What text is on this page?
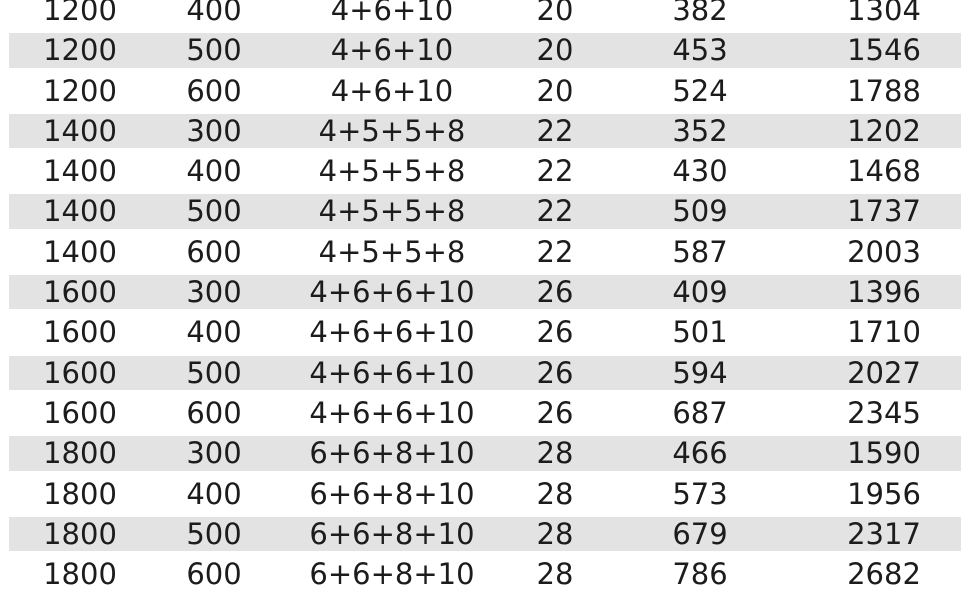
1200 400	4+6+10	20	382	1304
1200 500	4+6+10	20	453	1546
1200 600	4+6+10	20	524	1788
1400 300	4+5+5+8 22	352	1202
1400 400	4+5+5+8 22	430	1468
1400 500	4+5+5+8 22	509	1737
1400 600	4+5+5+8 22	587	2003
1600 300 4+6+6+10 26	409	1396
1600 400 4+6+6+10 26	501	1710
1600 500 4+6+6+10 26	594	2027
1600 600 4+6+6+10 26	687	2345
1800 300 6+6+8+10 28	466	1590
1800 400 6+6+8+10 28	573	1956
1800 500 6+6+8+10 28	679	2317
1800 600 6+6+8+10 28	786	2682
